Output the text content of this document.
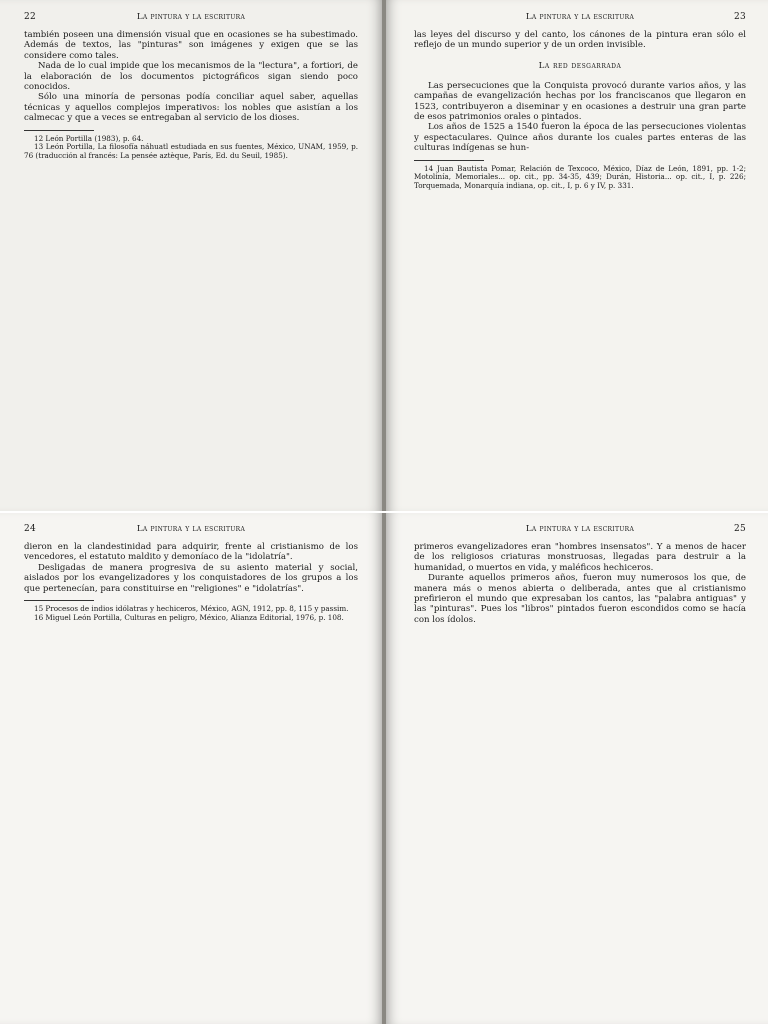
22	La pintura y la escritura

también poseen una dimensión visual que en ocasiones se ha subestimado. Además de textos, las "pinturas" son imágenes y exigen que se las considere como tales.

Nada de lo cual impide que los mecanismos de la "lectura", a fortiori, de la elaboración de los documentos pictográficos sigan siendo poco conocidos.

Sólo una minoría de personas podía conciliar aquel saber, aquellas técnicas y aquellos complejos imperativos: los nobles que asistían a los calmecac y que a veces se entregaban al servicio de los dioses.

12 León Portilla (1983), p. 64.

13 León Portilla, La filosofía náhuatl estudiada en sus fuentes, México, UNAM, 1959, p. 76 (traducción al francés: La pensée aztèque, París, Ed. du Seuil, 1985).

La pintura y la escritura	23

las leyes del discurso y del canto, los cánones de la pintura eran sólo el reflejo de un mundo superior y de un orden invisible.

La red desgarrada

Las persecuciones que la Conquista provocó durante varios años, y las campañas de evangelización hechas por los franciscanos que llegaron en 1523, contribuyeron a diseminar y en ocasiones a destruir una gran parte de esos patrimonios orales o pintados.

Los años de 1525 a 1540 fueron la época de las persecuciones violentas y espectaculares. Quince años durante los cuales partes enteras de las culturas indígenas se hun-

14 Juan Bautista Pomar, Relación de Texcoco, México, Díaz de León, 1891, pp. 1-2; Motolinía, Memoriales... op. cit., pp. 34-35, 439; Durán, Historia... op. cit., I, p. 226; Torquemada, Monarquía indiana, op. cit., I, p. 6 y IV, p. 331.

24	La pintura y la escritura

dieron en la clandestinidad para adquirir, frente al cristianismo de los vencedores, el estatuto maldito y demoníaco de la "idolatría".

Desligadas de manera progresiva de su asiento material y social, aislados por los evangelizadores y los conquistadores de los grupos a los que pertenecían, para constituirse en "religiones" e "idolatrías".

15 Procesos de indios idólatras y hechiceros, México, AGN, 1912, pp. 8, 115 y passim.

16 Miguel León Portilla, Culturas en peligro, México, Alianza Editorial, 1976, p. 108.

La pintura y la escritura	25

primeros evangelizadores eran "hombres insensatos". Y a menos de hacer de los religiosos criaturas monstruosas, llegadas para destruir a la humanidad, o muertos en vida, y maléficos hechiceros.

Durante aquellos primeros años, fueron muy numerosos los que, de manera más o menos abierta o deliberada, antes que al cristianismo prefirieron el mundo que expresaban los cantos, las "palabra antiguas" y las "pinturas". Pues los "libros" pintados fueron escondidos como se hacía con los ídolos.
